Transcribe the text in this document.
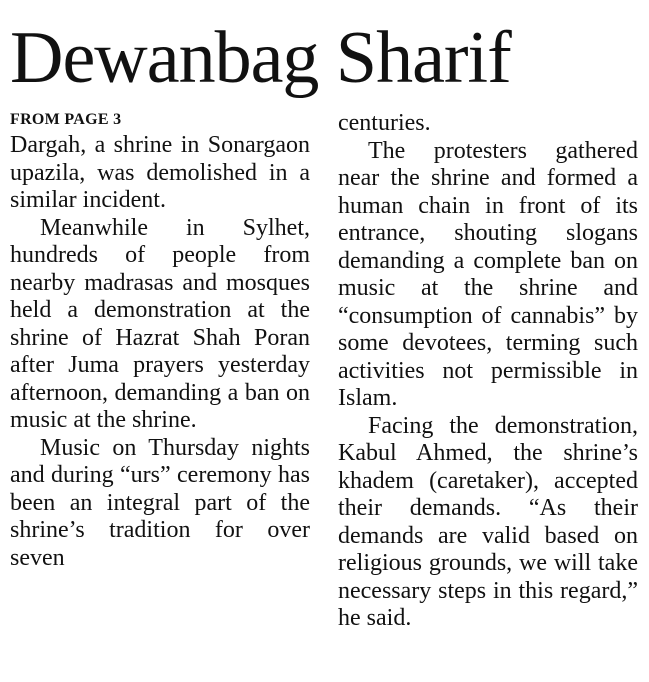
Dewanbag Sharif
FROM PAGE 3

Dargah, a shrine in Sonargaon upazila, was demolished in a similar incident.

Meanwhile in Sylhet, hundreds of people from nearby madrasas and mosques held a demonstration at the shrine of Hazrat Shah Poran after Juma prayers yesterday afternoon, demanding a ban on music at the shrine.

Music on Thursday nights and during “urs” ceremony has been an integral part of the shrine’s tradition for over seven

centuries.

The protesters gathered near the shrine and formed a human chain in front of its entrance, shouting slogans demanding a complete ban on music at the shrine and “consumption of cannabis” by some devotees, terming such activities not permissible in Islam.

Facing the demonstration, Kabul Ahmed, the shrine’s khadem (caretaker), accepted their demands. “As their demands are valid based on religious grounds, we will take necessary steps in this regard,” he said.
